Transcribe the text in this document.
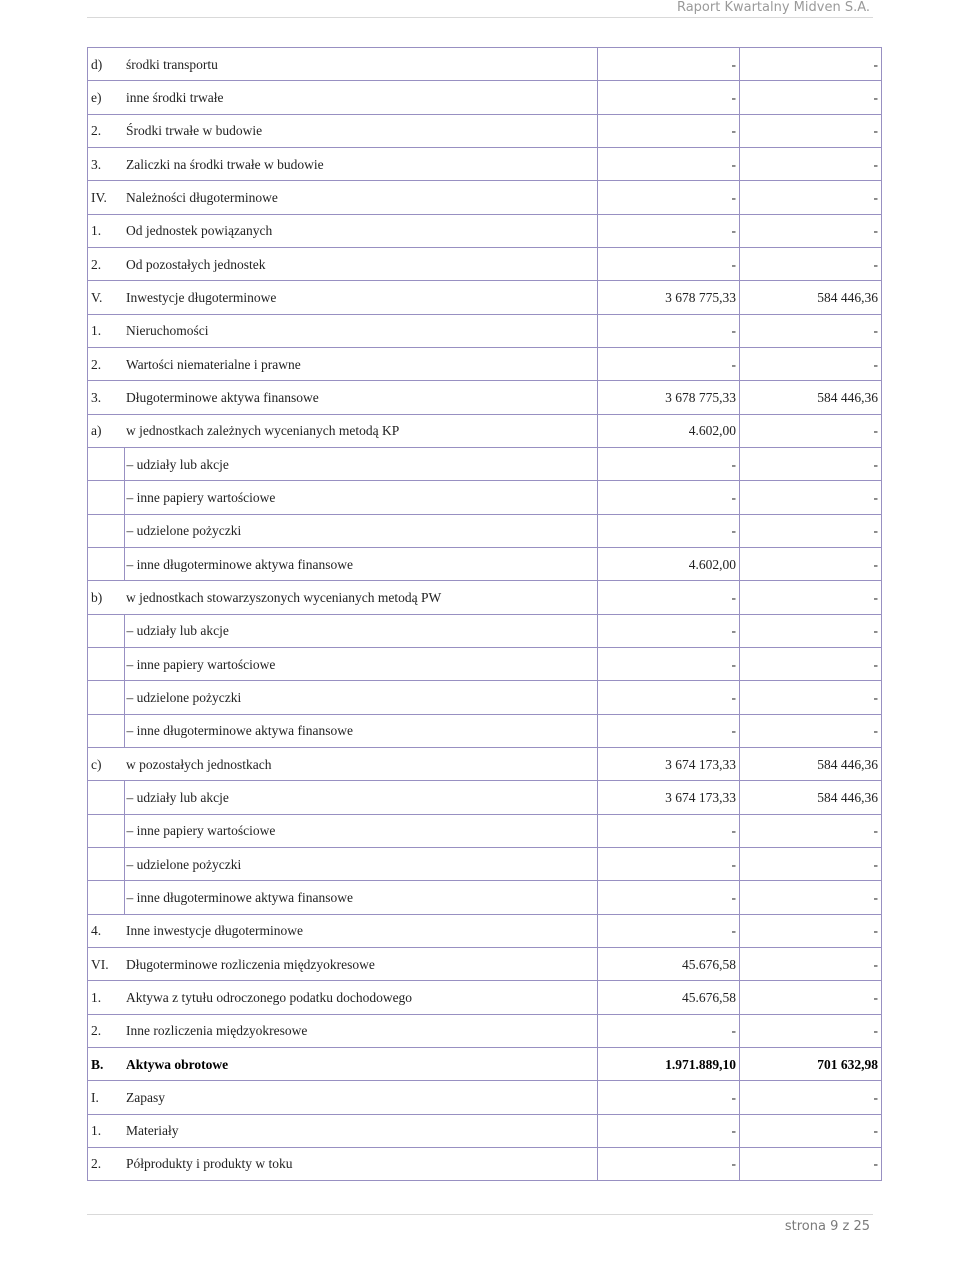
Raport Kwartalny Midven S.A.
d)	środki transportu	-	-
e)	inne środki trwałe	-	-
2.	Środki trwałe w budowie	-	-
3.	Zaliczki na środki trwałe w budowie	-	-
IV.	Należności długoterminowe	-	-
1.	Od jednostek powiązanych	-	-
2.	Od pozostałych jednostek	-	-
V.	Inwestycje długoterminowe	3 678 775,33	584 446,36
1.	Nieruchomości	-	-
2.	Wartości niematerialne i prawne	-	-
3.	Długoterminowe aktywa finansowe	3 678 775,33	584 446,36
a)	w jednostkach zależnych wycenianych metodą KP	4.602,00	-
	– udziały lub akcje	-	-
	– inne papiery wartościowe	-	-
	– udzielone pożyczki	-	-
	– inne długoterminowe aktywa finansowe	4.602,00	-
b)	w jednostkach stowarzyszonych wycenianych metodą PW	-	-
	– udziały lub akcje	-	-
	– inne papiery wartościowe	-	-
	– udzielone pożyczki	-	-
	– inne długoterminowe aktywa finansowe	-	-
c)	w pozostałych jednostkach	3 674 173,33	584 446,36
	– udziały lub akcje	3 674 173,33	584 446,36
	– inne papiery wartościowe	-	-
	– udzielone pożyczki	-	-
	– inne długoterminowe aktywa finansowe	-	-
4.	Inne inwestycje długoterminowe	-	-
VI.	Długoterminowe rozliczenia międzyokresowe	45.676,58	-
1.	Aktywa z tytułu odroczonego podatku dochodowego	45.676,58	-
2.	Inne rozliczenia międzyokresowe	-	-
B.	Aktywa obrotowe	1.971.889,10	701 632,98
I.	Zapasy	-	-
1.	Materiały	-	-
2.	Półprodukty i produkty w toku	-	-
strona 9 z 25
